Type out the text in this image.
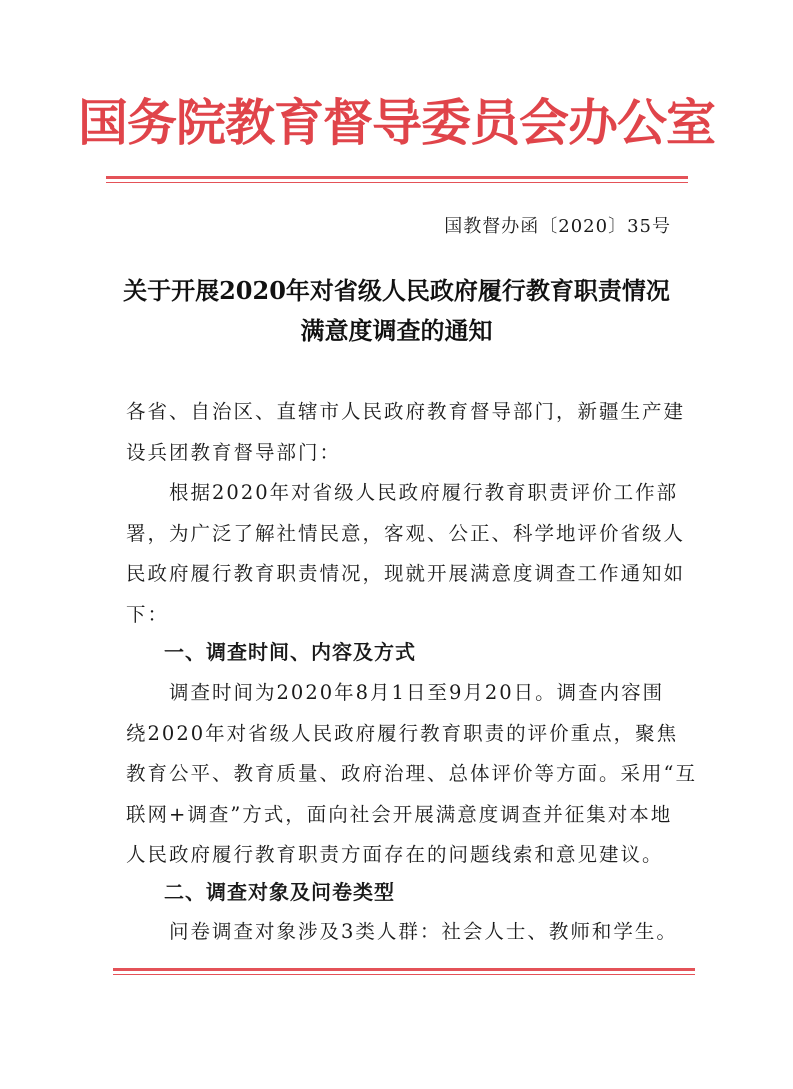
国务院教育督导委员会办公室
国教督办函〔2020〕35号
关于开展2020年对省级人民政府履行教育职责情况
满意度调查的通知
各省、自治区、直辖市人民政府教育督导部门，新疆生产建
设兵团教育督导部门：
　　根据2020年对省级人民政府履行教育职责评价工作部
署，为广泛了解社情民意，客观、公正、科学地评价省级人
民政府履行教育职责情况，现就开展满意度调查工作通知如
下：
一、调查时间、内容及方式
　　调查时间为2020年8月1日至9月20日。调查内容围
绕2020年对省级人民政府履行教育职责的评价重点，聚焦
教育公平、教育质量、政府治理、总体评价等方面。采用“互
联网+调查”方式，面向社会开展满意度调查并征集对本地
人民政府履行教育职责方面存在的问题线索和意见建议。
二、调查对象及问卷类型
　　问卷调查对象涉及3类人群：社会人士、教师和学生。
